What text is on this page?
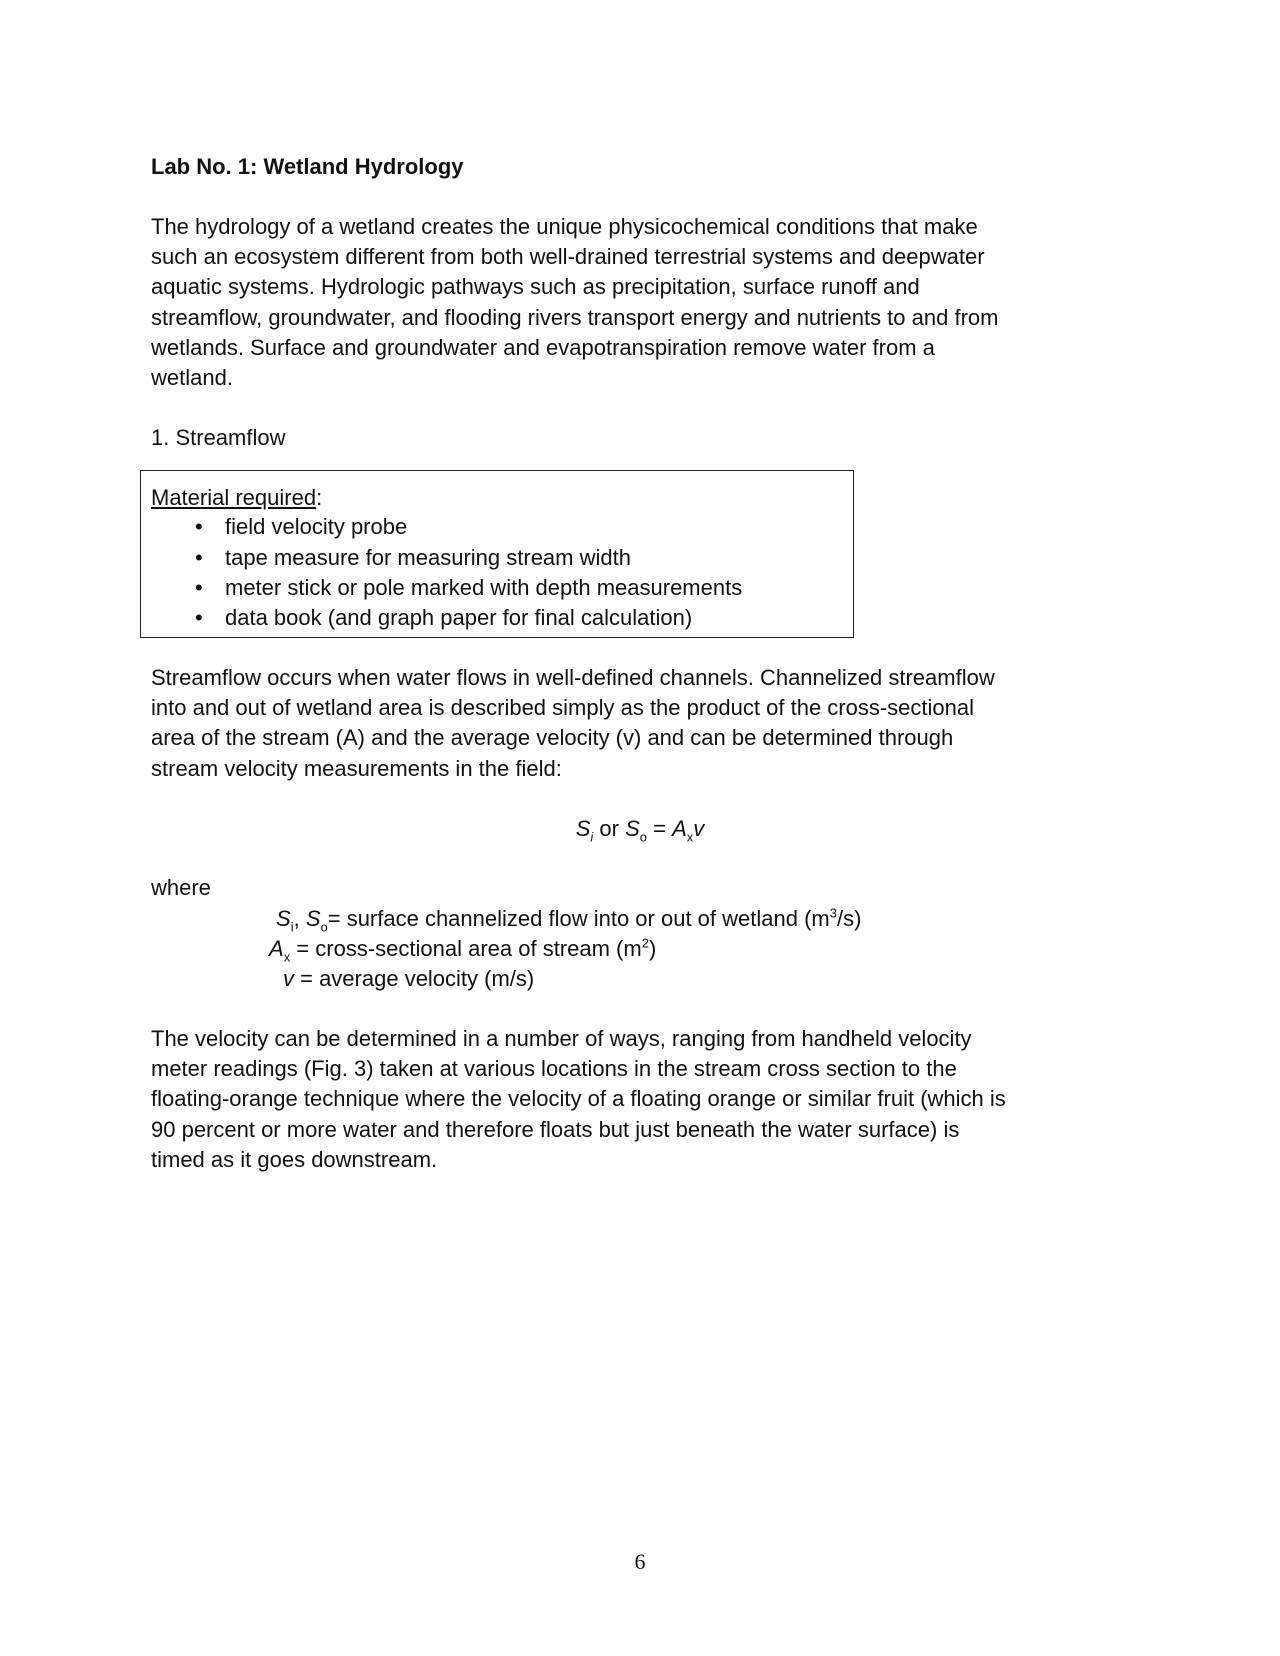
Lab No. 1: Wetland Hydrology
The hydrology of a wetland creates the unique physicochemical conditions that make
such an ecosystem different from both well-drained terrestrial systems and deepwater
aquatic systems. Hydrologic pathways such as precipitation, surface runoff and
streamflow, groundwater, and flooding rivers transport energy and nutrients to and from
wetlands. Surface and groundwater and evapotranspiration remove water from a
wetland.
1. Streamflow
Material required:
• field velocity probe
• tape measure for measuring stream width
• meter stick or pole marked with depth measurements
• data book (and graph paper for final calculation)
Streamflow occurs when water flows in well-defined channels. Channelized streamflow
into and out of wetland area is described simply as the product of the cross-sectional
area of the stream (A) and the average velocity (v) and can be determined through
stream velocity measurements in the field:
$S_i$ or $S_o = A_xv$
where
$S_i$, $S_o=$ surface channelized flow into or out of wetland $(m^3/s)$
$A_x$ = cross-sectional area of stream $(m^2)$
v = average velocity (m/s)
The velocity can be determined in a number of ways, ranging from handheld velocity
meter readings (Fig. 3) taken at various locations in the stream cross section to the
floating-orange technique where the velocity of a floating orange or similar fruit (which is
90 percent or more water and therefore floats but just beneath the water surface) is
timed as it goes downstream.
6
